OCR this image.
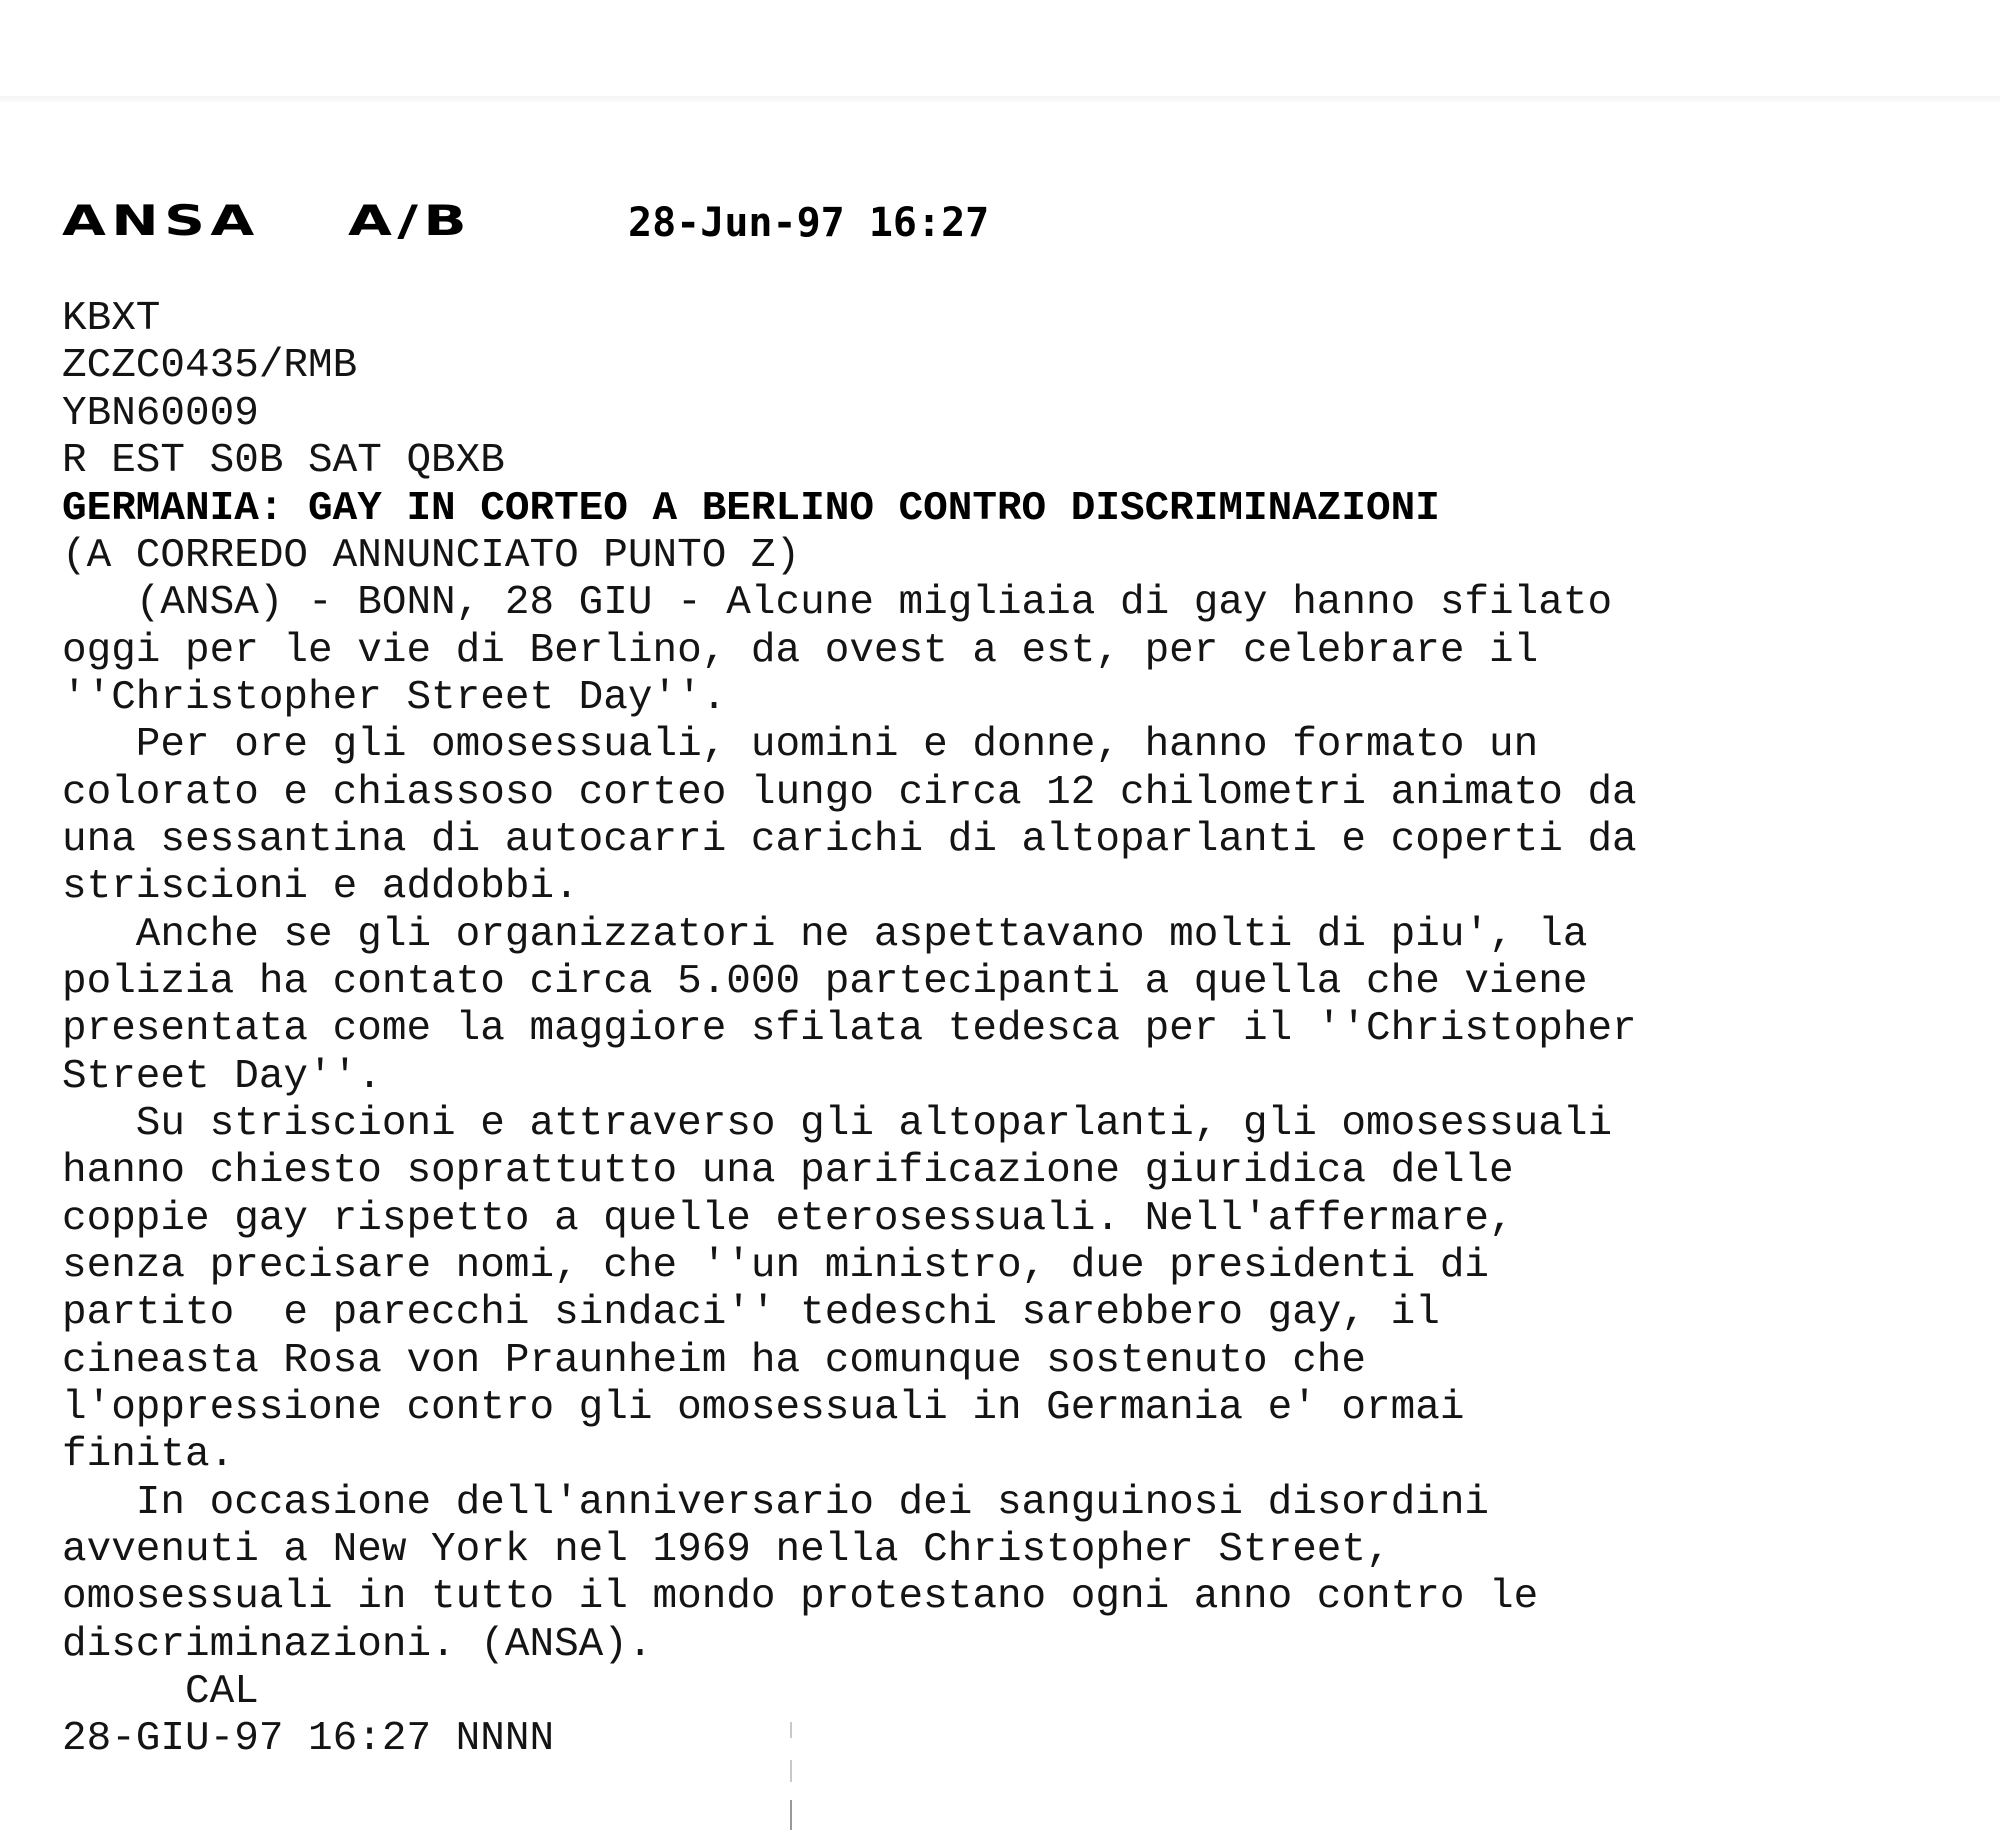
ANSA A/B	28-Jun-97 16:27
KBXT
ZCZC0435/RMB
YBN60009
R EST S0B SAT QBXB
GERMANIA: GAY IN CORTEO A BERLINO CONTRO DISCRIMINAZIONI
(A CORREDO ANNUNCIATO PUNTO Z)
(ANSA) - BONN, 28 GIU - Alcune migliaia di gay hanno sfilato
oggi per le vie di Berlino, da ovest a est, per celebrare il
''Christopher Street Day''.
Per ore gli omosessuali, uomini e donne, hanno formato un
colorato e chiassoso corteo lungo circa 12 chilometri animato da
una sessantina di autocarri carichi di altoparlanti e coperti da
striscioni e addobbi.
Anche se gli organizzatori ne aspettavano molti di piu', la
polizia ha contato circa 5.000 partecipanti a quella che viene
presentata come la maggiore sfilata tedesca per il ''Christopher
Street Day''.
Su striscioni e attraverso gli altoparlanti, gli omosessuali
hanno chiesto soprattutto una parificazione giuridica delle
coppie gay rispetto a quelle eterosessuali. Nell'affermare,
senza precisare nomi, che ''un ministro, due presidenti di
partito  e parecchi sindaci'' tedeschi sarebbero gay, il
cineasta Rosa von Praunheim ha comunque sostenuto che
l'oppressione contro gli omosessuali in Germania e' ormai
finita.
In occasione dell'anniversario dei sanguinosi disordini
avvenuti a New York nel 1969 nella Christopher Street,
omosessuali in tutto il mondo protestano ogni anno contro le
discriminazioni. (ANSA).
CAL
28-GIU-97 16:27 NNNN
